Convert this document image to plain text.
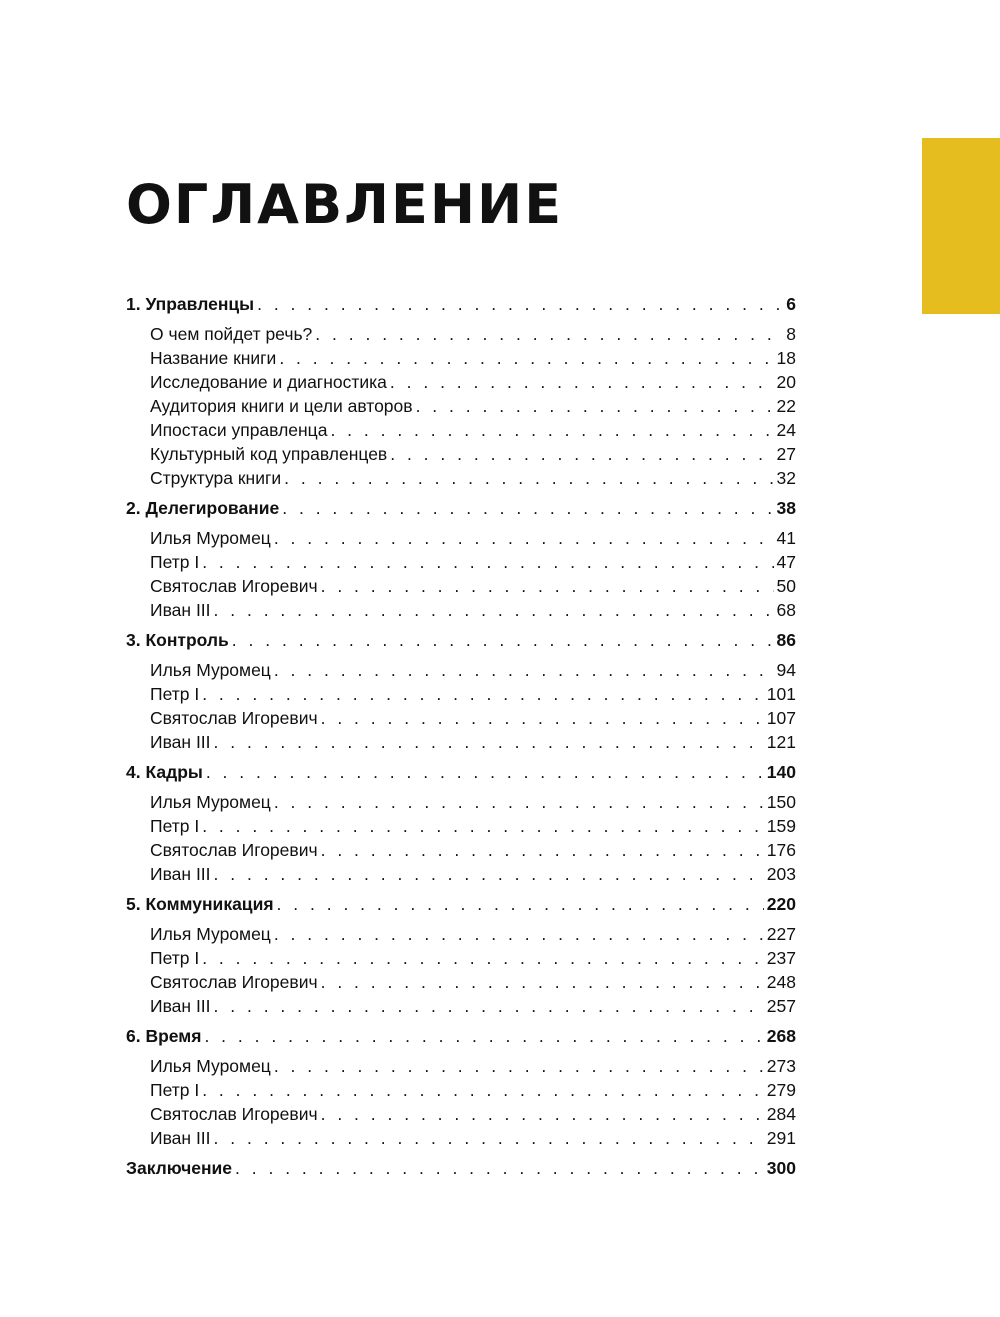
ОГЛАВЛЕНИЕ
1. Управленцы . . .	6
О чем пойдет речь? . . .	8
Название книги . . .	18
Исследование и диагностика . . .	20
Аудитория книги и цели авторов . . .	22
Ипостаси управленца . . .	24
Культурный код управленцев . . .	27
Структура книги . . .	32
2. Делегирование . . .	38
Илья Муромец . . .	41
Петр I . . .	47
Святослав Игоревич . . .	50
Иван III . . .	68
3. Контроль . . .	86
Илья Муромец . . .	94
Петр I . . .	101
Святослав Игоревич . . .	107
Иван III . . .	121
4. Кадры . . .	140
Илья Муромец . . .	150
Петр I . . .	159
Святослав Игоревич . . .	176
Иван III . . .	203
5. Коммуникация . . .	220
Илья Муромец . . .	227
Петр I . . .	237
Святослав Игоревич . . .	248
Иван III . . .	257
6. Время . . .	268
Илья Муромец . . .	273
Петр I . . .	279
Святослав Игоревич . . .	284
Иван III . . .	291
Заключение . . .	300
